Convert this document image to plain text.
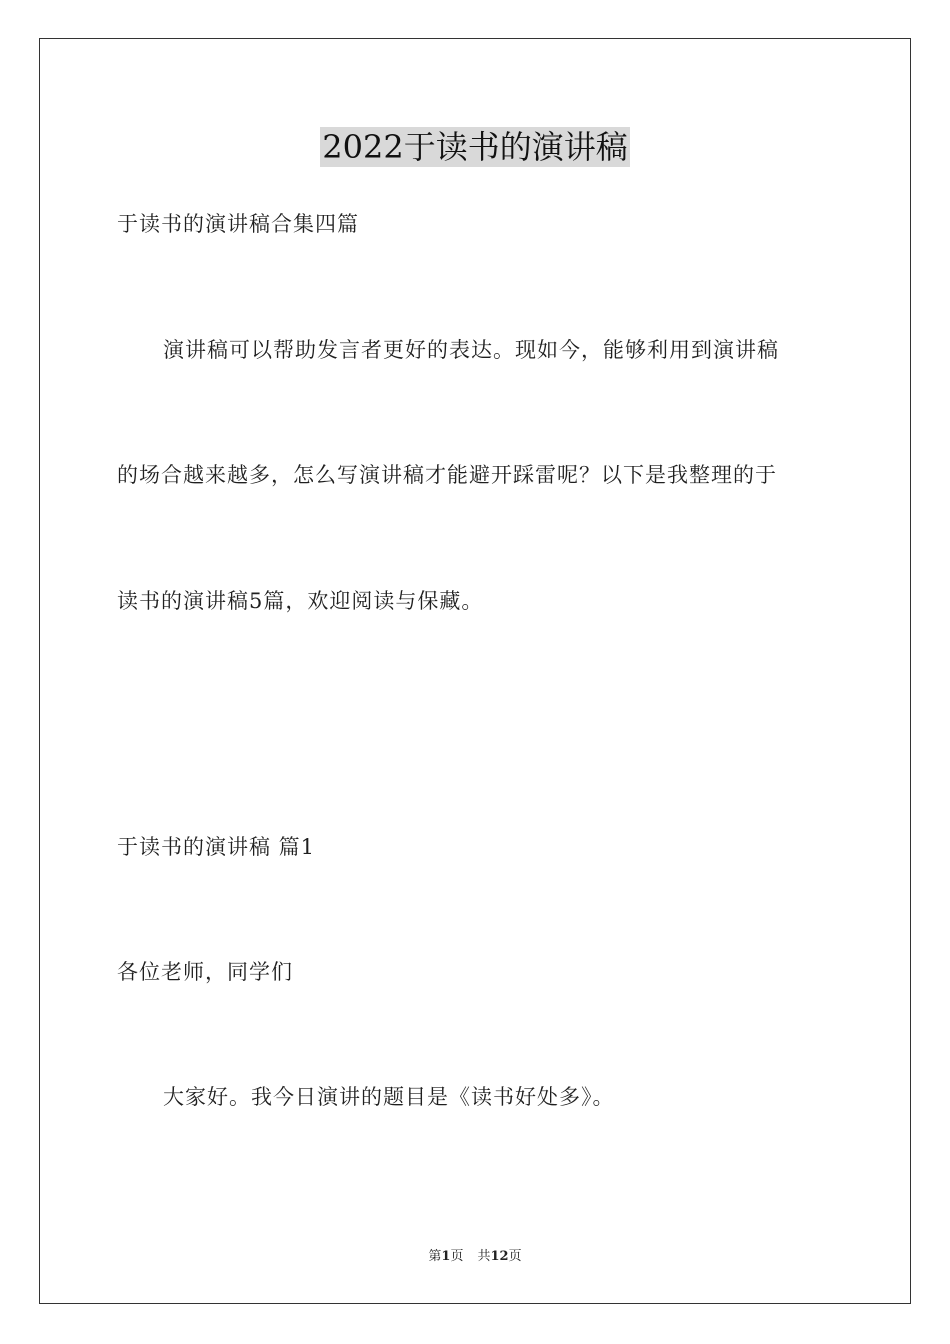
2022于读书的演讲稿
于读书的演讲稿合集四篇
演讲稿可以帮助发言者更好的表达。现如今，能够利用到演讲稿
的场合越来越多，怎么写演讲稿才能避开踩雷呢？以下是我整理的于
读书的演讲稿5篇，欢迎阅读与保藏。
于读书的演讲稿 篇1
各位老师，同学们
大家好。我今日演讲的题目是《读书好处多》。
第1页 共12页
